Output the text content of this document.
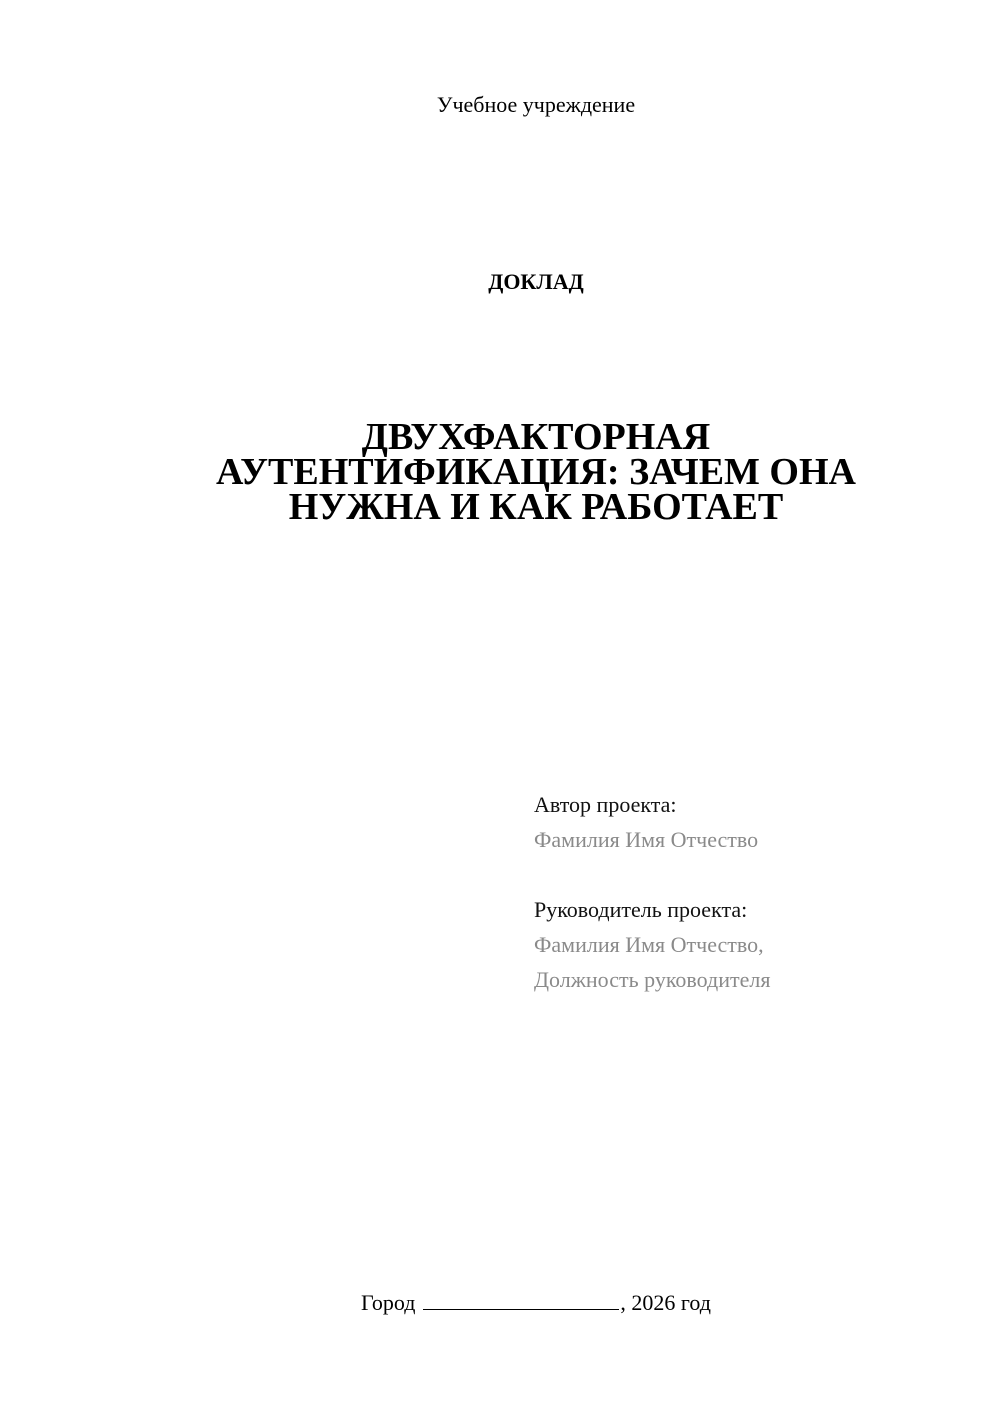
Учебное учреждение
ДОКЛАД
ДВУХФАКТОРНАЯ
АУТЕНТИФИКАЦИЯ: ЗАЧЕМ ОНА
НУЖНА И КАК РАБОТАЕТ
Автор проекта:
Фамилия Имя Отчество
Руководитель проекта:
Фамилия Имя Отчество,
Должность руководителя
Город	, 2026 год
